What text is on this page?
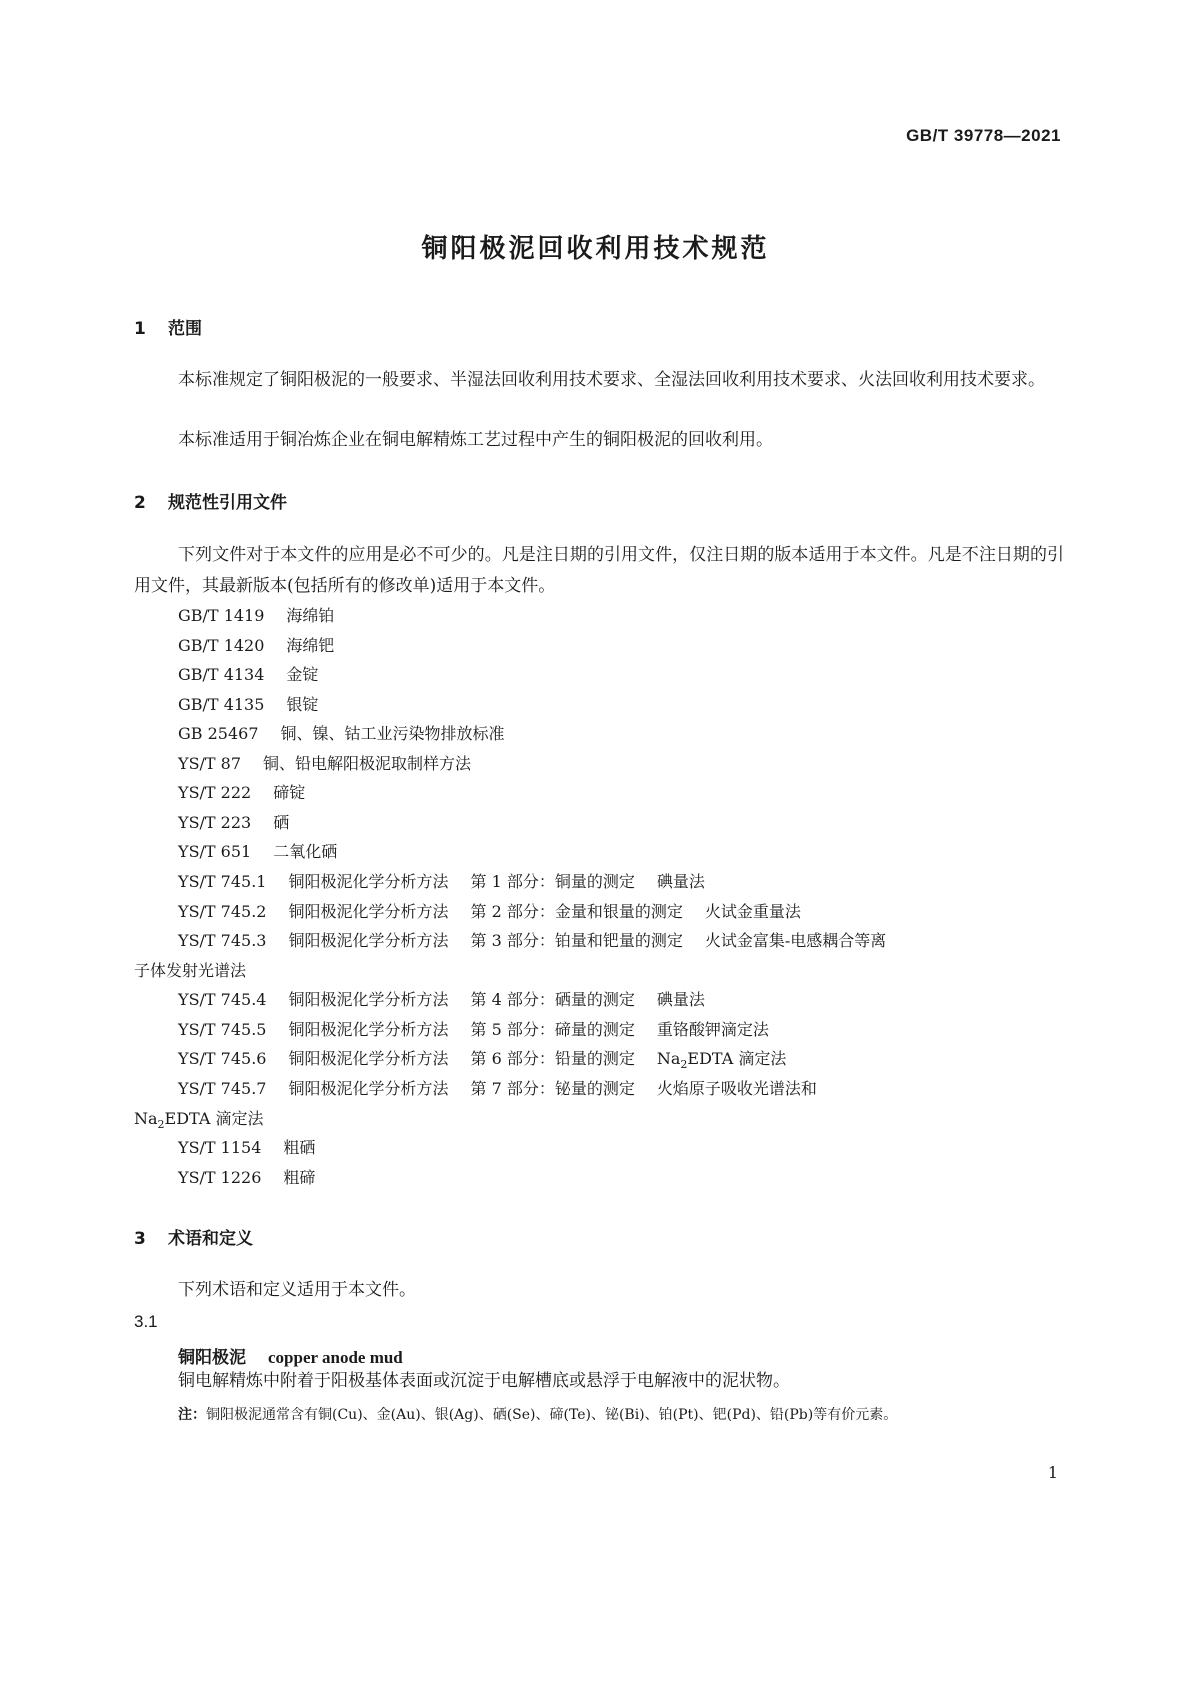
GB/T 39778—2021
铜阳极泥回收利用技术规范
1 范围
本标准规定了铜阳极泥的一般要求、半湿法回收利用技术要求、全湿法回收利用技术要求、火法回收利用技术要求。
本标准适用于铜冶炼企业在铜电解精炼工艺过程中产生的铜阳极泥的回收利用。
2 规范性引用文件
下列文件对于本文件的应用是必不可少的。凡是注日期的引用文件，仅注日期的版本适用于本文件。凡是不注日期的引用文件，其最新版本(包括所有的修改单)适用于本文件。
GB/T 1419 海绵铂
GB/T 1420 海绵钯
GB/T 4134 金锭
GB/T 4135 银锭
GB 25467 铜、镍、钴工业污染物排放标准
YS/T 87 铜、铅电解阳极泥取制样方法
YS/T 222 碲锭
YS/T 223 硒
YS/T 651 二氧化硒
YS/T 745.1 铜阳极泥化学分析方法 第 1 部分：铜量的测定 碘量法
YS/T 745.2 铜阳极泥化学分析方法 第 2 部分：金量和银量的测定 火试金重量法
YS/T 745.3 铜阳极泥化学分析方法 第 3 部分：铂量和钯量的测定 火试金富集-电感耦合等离
子体发射光谱法
YS/T 745.4 铜阳极泥化学分析方法 第 4 部分：硒量的测定 碘量法
YS/T 745.5 铜阳极泥化学分析方法 第 5 部分：碲量的测定 重铬酸钾滴定法
YS/T 745.6 铜阳极泥化学分析方法 第 6 部分：铅量的测定 $Na_2EDTA$ 滴定法
YS/T 745.7 铜阳极泥化学分析方法 第 7 部分：铋量的测定 火焰原子吸收光谱法和
$Na_2EDTA$ 滴定法
YS/T 1154 粗硒
YS/T 1226 粗碲
3 术语和定义
下列术语和定义适用于本文件。
3.1
铜阳极泥 copper anode mud
铜电解精炼中附着于阳极基体表面或沉淀于电解槽底或悬浮于电解液中的泥状物。
注：铜阳极泥通常含有铜(Cu)、金(Au)、银(Ag)、硒(Se)、碲(Te)、铋(Bi)、铂(Pt)、钯(Pd)、铅(Pb)等有价元素。
1
